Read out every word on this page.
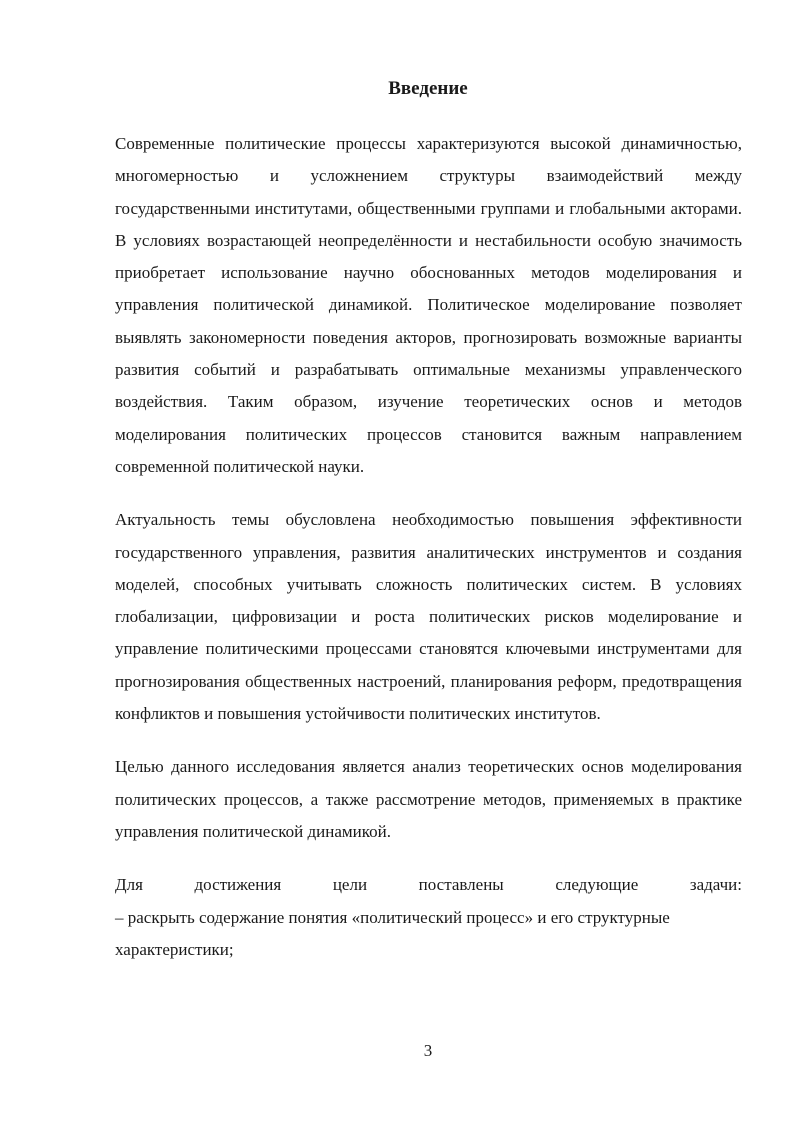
Введение

Современные политические процессы характеризуются высокой динамичностью, многомерностью и усложнением структуры взаимодействий между государственными институтами, общественными группами и глобальными акторами. В условиях возрастающей неопределённости и нестабильности особую значимость приобретает использование научно обоснованных методов моделирования и управления политической динамикой. Политическое моделирование позволяет выявлять закономерности поведения акторов, прогнозировать возможные варианты развития событий и разрабатывать оптимальные механизмы управленческого воздействия. Таким образом, изучение теоретических основ и методов моделирования политических процессов становится важным направлением современной политической науки.

Актуальность темы обусловлена необходимостью повышения эффективности государственного управления, развития аналитических инструментов и создания моделей, способных учитывать сложность политических систем. В условиях глобализации, цифровизации и роста политических рисков моделирование и управление политическими процессами становятся ключевыми инструментами для прогнозирования общественных настроений, планирования реформ, предотвращения конфликтов и повышения устойчивости политических институтов.

Целью данного исследования является анализ теоретических основ моделирования политических процессов, а также рассмотрение методов, применяемых в практике управления политической динамикой.

Для достижения цели поставлены следующие задачи:
– раскрыть содержание понятия «политический процесс» и его структурные характеристики;

3
